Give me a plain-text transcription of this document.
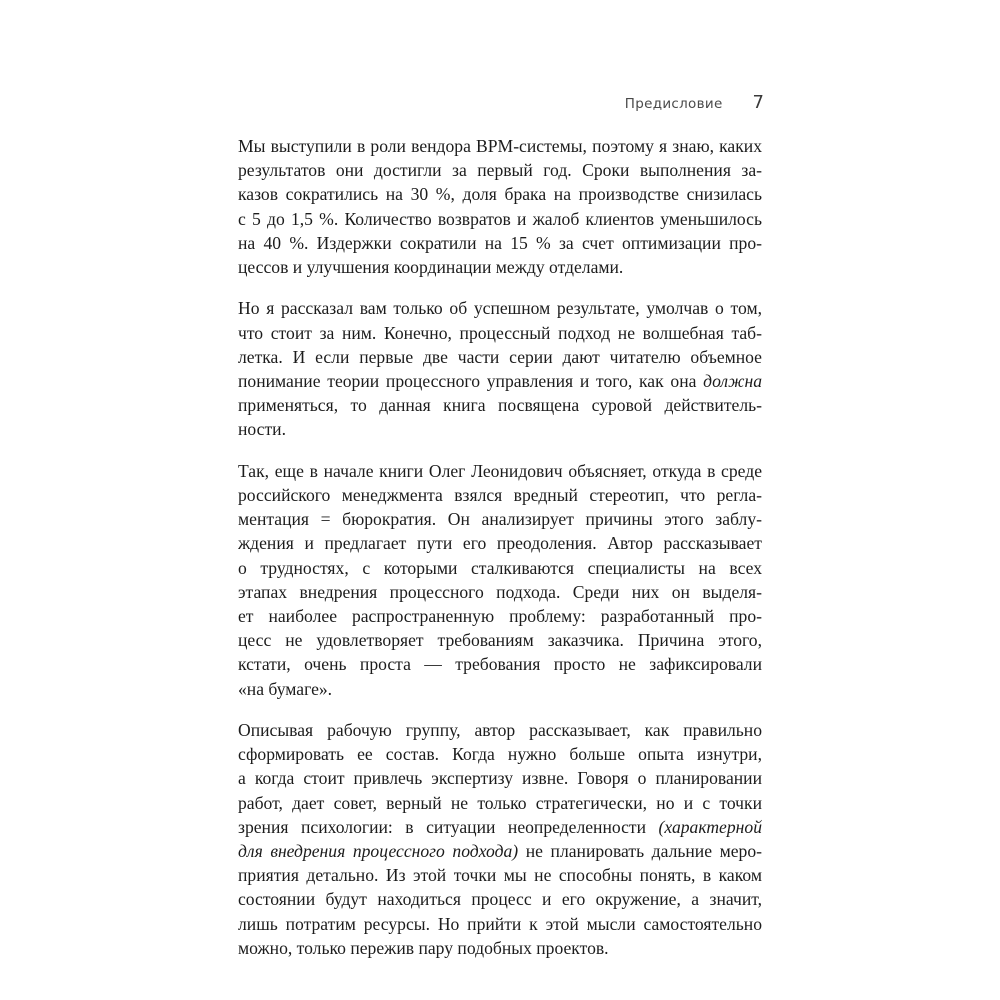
Предисловие 7

Мы выступили в роли вендора BPM-системы, поэтому я знаю, каких
результатов они достигли за первый год. Сроки выполнения за-
казов сократились на 30 %, доля брака на производстве снизилась
с 5 до 1,5 %. Количество возвратов и жалоб клиентов уменьшилось
на 40 %. Издержки сократили на 15 % за счет оптимизации про-
цессов и улучшения координации между отделами.

Но я рассказал вам только об успешном результате, умолчав о том,
что стоит за ним. Конечно, процессный подход не волшебная таб-
летка. И если первые две части серии дают читателю объемное
понимание теории процессного управления и того, как она должна
применяться, то данная книга посвящена суровой действитель-
ности.

Так, еще в начале книги Олег Леонидович объясняет, откуда в среде
российского менеджмента взялся вредный стереотип, что регла-
ментация = бюрократия. Он анализирует причины этого заблу-
ждения и предлагает пути его преодоления. Автор рассказывает
о трудностях, с которыми сталкиваются специалисты на всех
этапах внедрения процессного подхода. Среди них он выделя-
ет наиболее распространенную проблему: разработанный про-
цесс не удовлетворяет требованиям заказчика. Причина этого,
кстати, очень проста — требования просто не зафиксировали
«на бумаге».

Описывая рабочую группу, автор рассказывает, как правильно
сформировать ее состав. Когда нужно больше опыта изнутри,
а когда стоит привлечь экспертизу извне. Говоря о планировании
работ, дает совет, верный не только стратегически, но и с точки
зрения психологии: в ситуации неопределенности (характерной
для внедрения процессного подхода) не планировать дальние меро-
приятия детально. Из этой точки мы не способны понять, в каком
состоянии будут находиться процесс и его окружение, а значит,
лишь потратим ресурсы. Но прийти к этой мысли самостоятельно
можно, только пережив пару подобных проектов.
